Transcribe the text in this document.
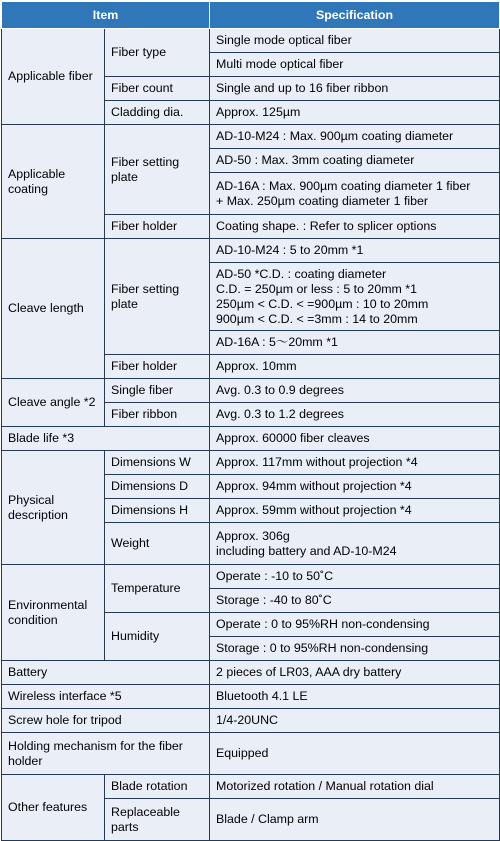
Item		Specification
Applicable fiber	Fiber type	Single mode optical fiber
		Multi mode optical fiber
	Fiber count	Single and up to 16 fiber ribbon
	Cladding dia.	Approx. 125µm
Applicable coating	Fiber setting plate	AD-10-M24 : Max. 900µm coating diameter
		AD-50 : Max. 3mm coating diameter
		AD-16A : Max. 900µm coating diameter 1 fiber
+ Max. 250µm coating diameter 1 fiber
	Fiber holder	Coating shape. : Refer to splicer options
Cleave length	Fiber setting plate	AD-10-M24 : 5 to 20mm *1
		AD-50 *C.D. : coating diameter
C.D. = 250µm or less : 5 to 20mm *1
250µm < C.D. < =900µm : 10 to 20mm
900µm < C.D. < =3mm : 14 to 20mm
		AD-16A : 5～20mm *1
	Fiber holder	Approx. 10mm
Cleave angle *2	Single fiber	Avg. 0.3 to 0.9 degrees
	Fiber ribbon	Avg. 0.3 to 1.2 degrees
Blade life *3		Approx. 60000 fiber cleaves
Physical description	Dimensions W	Approx. 117mm without projection *4
	Dimensions D	Approx. 94mm without projection *4
	Dimensions H	Approx. 59mm without projection *4
	Weight	Approx. 306g
including battery and AD-10-M24
Environmental condition	Temperature	Operate : -10 to 50˚C
		Storage : -40 to 80˚C
	Humidity	Operate : 0 to 95%RH non-condensing
		Storage : 0 to 95%RH non-condensing
Battery		2 pieces of LR03, AAA dry battery
Wireless interface *5		Bluetooth 4.1 LE
Screw hole for tripod		1/4-20UNC
Holding mechanism for the fiber holder		Equipped
Other features	Blade rotation	Motorized rotation / Manual rotation dial
	Replaceable parts	Blade / Clamp arm
